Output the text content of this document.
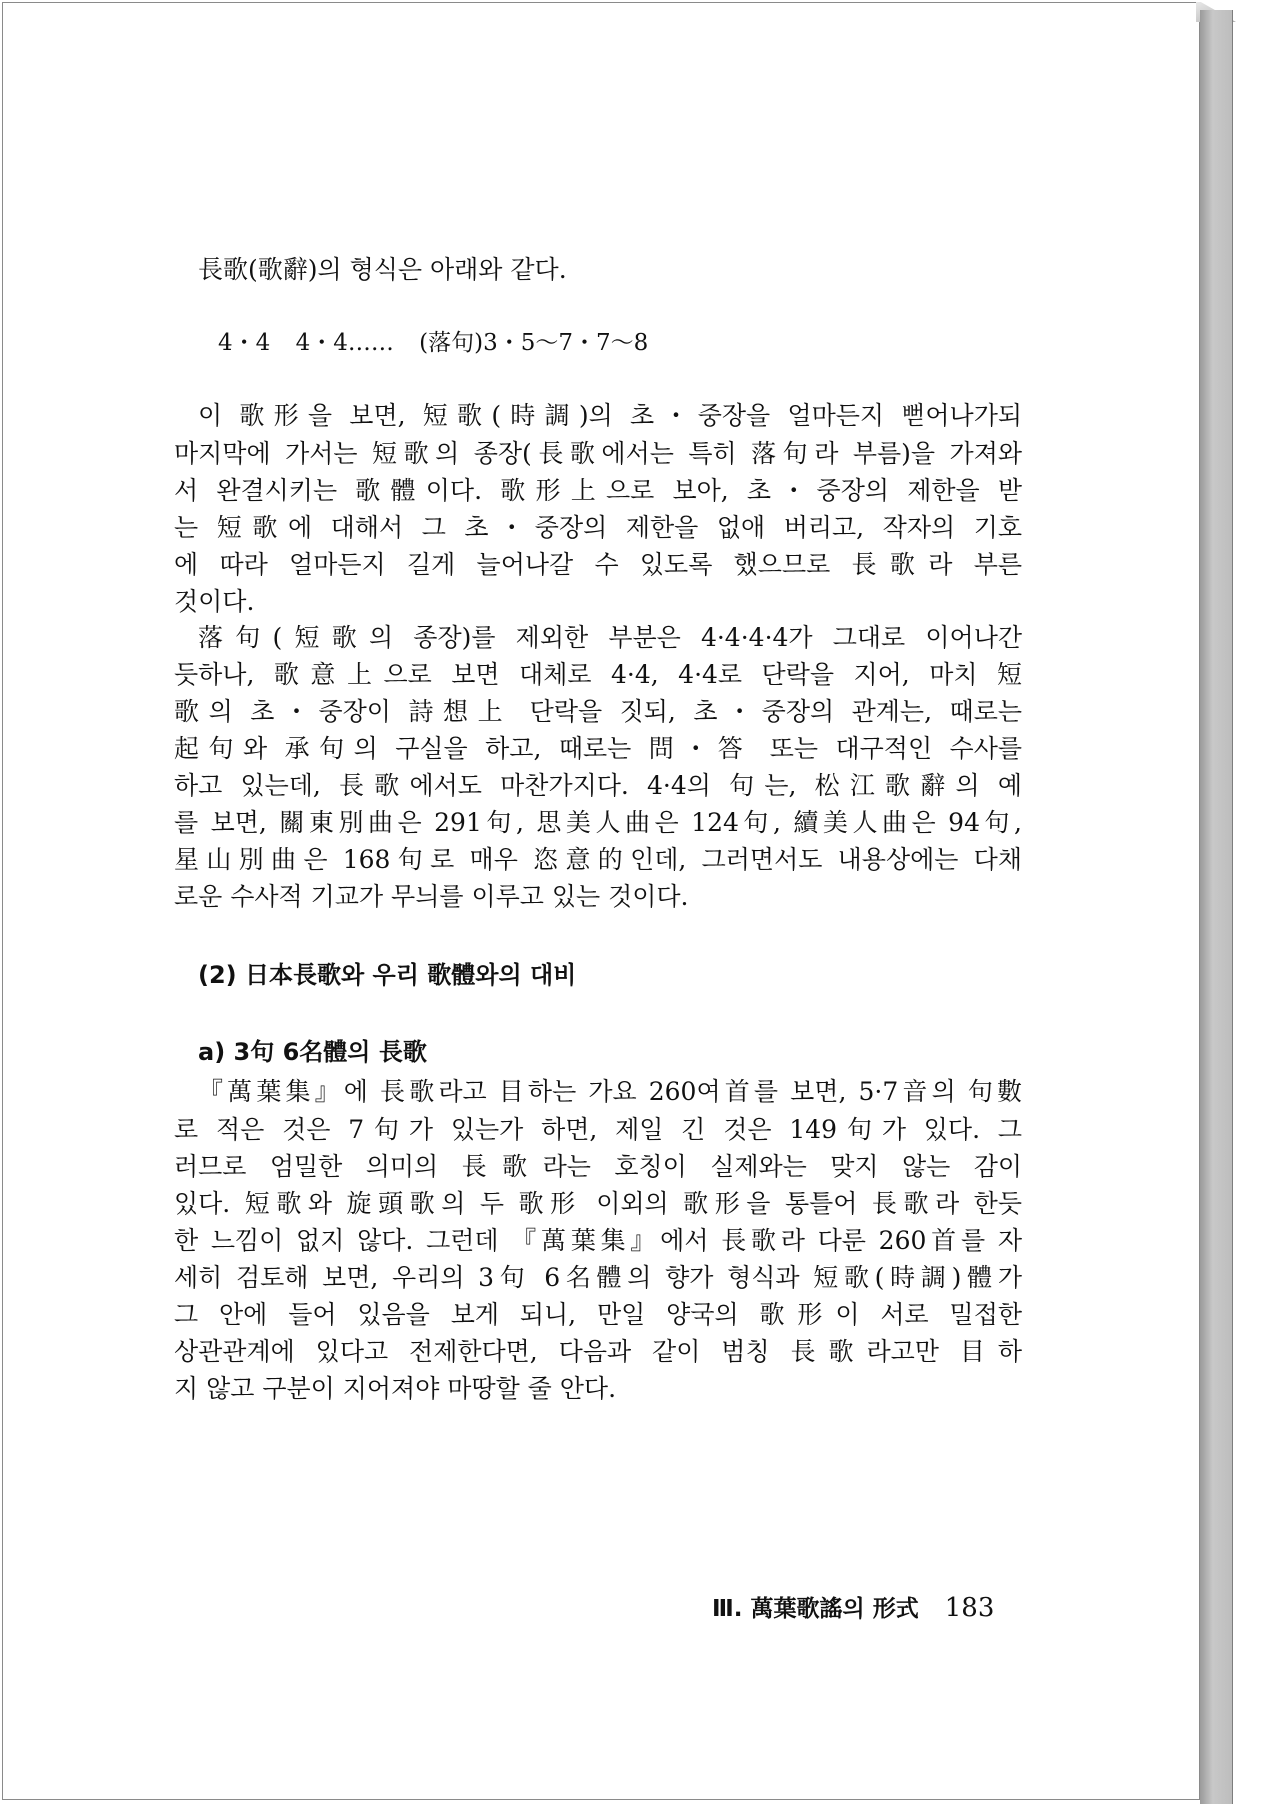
長歌(歌辭)의 형식은 아래와 같다.
4・4 4・4…… (落句)3・5〜7・7〜8
이 歌形을 보면, 短歌(時調)의 초・중장을 얼마든지 뻗어나가되
마지막에 가서는 短歌의 종장(長歌에서는 특히 落句라 부름)을 가져와
서 완결시키는 歌體이다. 歌形上으로 보아, 초・중장의 제한을 받
는 短歌에 대해서 그 초・중장의 제한을 없애 버리고, 작자의 기호
에 따라 얼마든지 길게 늘어나갈 수 있도록 했으므로 長歌라 부른
것이다.
落句(短歌의 종장)를 제외한 부분은 4·4·4·4가 그대로 이어나간
듯하나, 歌意上으로 보면 대체로 4·4, 4·4로 단락을 지어, 마치 短
歌의 초・중장이 詩想上 단락을 짓되, 초・중장의 관계는, 때로는
起句와 承句의 구실을 하고, 때로는 問・答 또는 대구적인 수사를
하고 있는데, 長歌에서도 마찬가지다. 4·4의 句는, 松江歌辭의 예
를 보면, 關東別曲은 291句, 思美人曲은 124句, 續美人曲은 94句,
星山別曲은 168句로 매우 恣意的인데, 그러면서도 내용상에는 다채
로운 수사적 기교가 무늬를 이루고 있는 것이다.
(2) 日本長歌와 우리 歌體와의 대비
a) 3句 6名體의 長歌
『萬葉集』에 長歌라고 目하는 가요 260여首를 보면, 5·7音의 句數
로 적은 것은 7句가 있는가 하면, 제일 긴 것은 149句가 있다. 그
러므로 엄밀한 의미의 長歌라는 호칭이 실제와는 맞지 않는 감이
있다. 短歌와 旋頭歌의 두 歌形 이외의 歌形을 통틀어 長歌라 한듯
한 느낌이 없지 않다. 그런데 『萬葉集』에서 長歌라 다룬 260首를 자
세히 검토해 보면, 우리의 3句 6名體의 향가 형식과 短歌(時調)體가
그 안에 들어 있음을 보게 되니, 만일 양국의 歌形이 서로 밀접한
상관관계에 있다고 전제한다면, 다음과 같이 범칭 長歌라고만 目하
지 않고 구분이 지어져야 마땅할 줄 안다.
Ⅲ. 萬葉歌謠의 形式 183
